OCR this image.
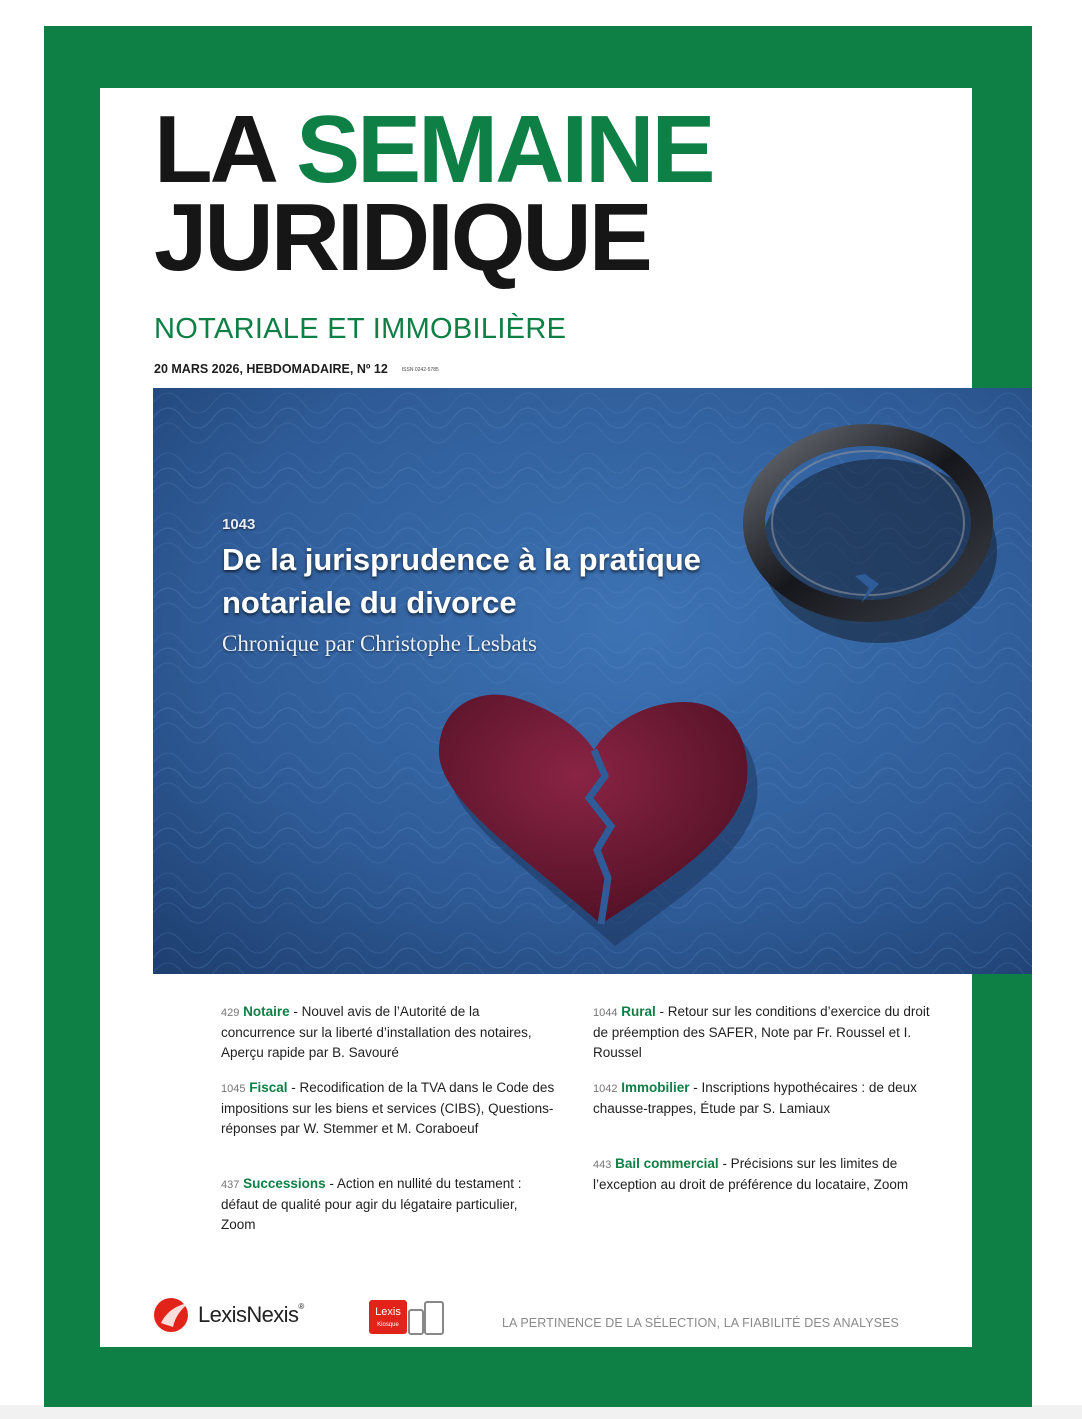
LA SEMAINE
JURIDIQUE
NOTARIALE ET IMMOBILIÈRE
20 MARS 2026, HEBDOMADAIRE, Nº 12	ISSN 0242-5785
1043
De la jurisprudence à la pratique notariale du divorce
Chronique par Christophe Lesbats
429 Notaire - Nouvel avis de l’Autorité de la concurrence sur la liberté d’installation des notaires, Aperçu rapide par B. Savouré
1045 Fiscal - Recodification de la TVA dans le Code des impositions sur les biens et services (CIBS), Questions-réponses par W. Stemmer et M. Coraboeuf
437 Successions - Action en nullité du testament : défaut de qualité pour agir du légataire particulier, Zoom
1044 Rural - Retour sur les conditions d’exercice du droit de préemption des SAFER, Note par Fr. Roussel et I. Roussel
1042 Immobilier - Inscriptions hypothécaires : de deux chausse-trappes, Étude par S. Lamiaux
443 Bail commercial - Précisions sur les limites de l’exception au droit de préférence du locataire, Zoom
LexisNexis®	Lexis
Kiosque	LA PERTINENCE DE LA SÉLECTION, LA FIABILITÉ DES ANALYSES
